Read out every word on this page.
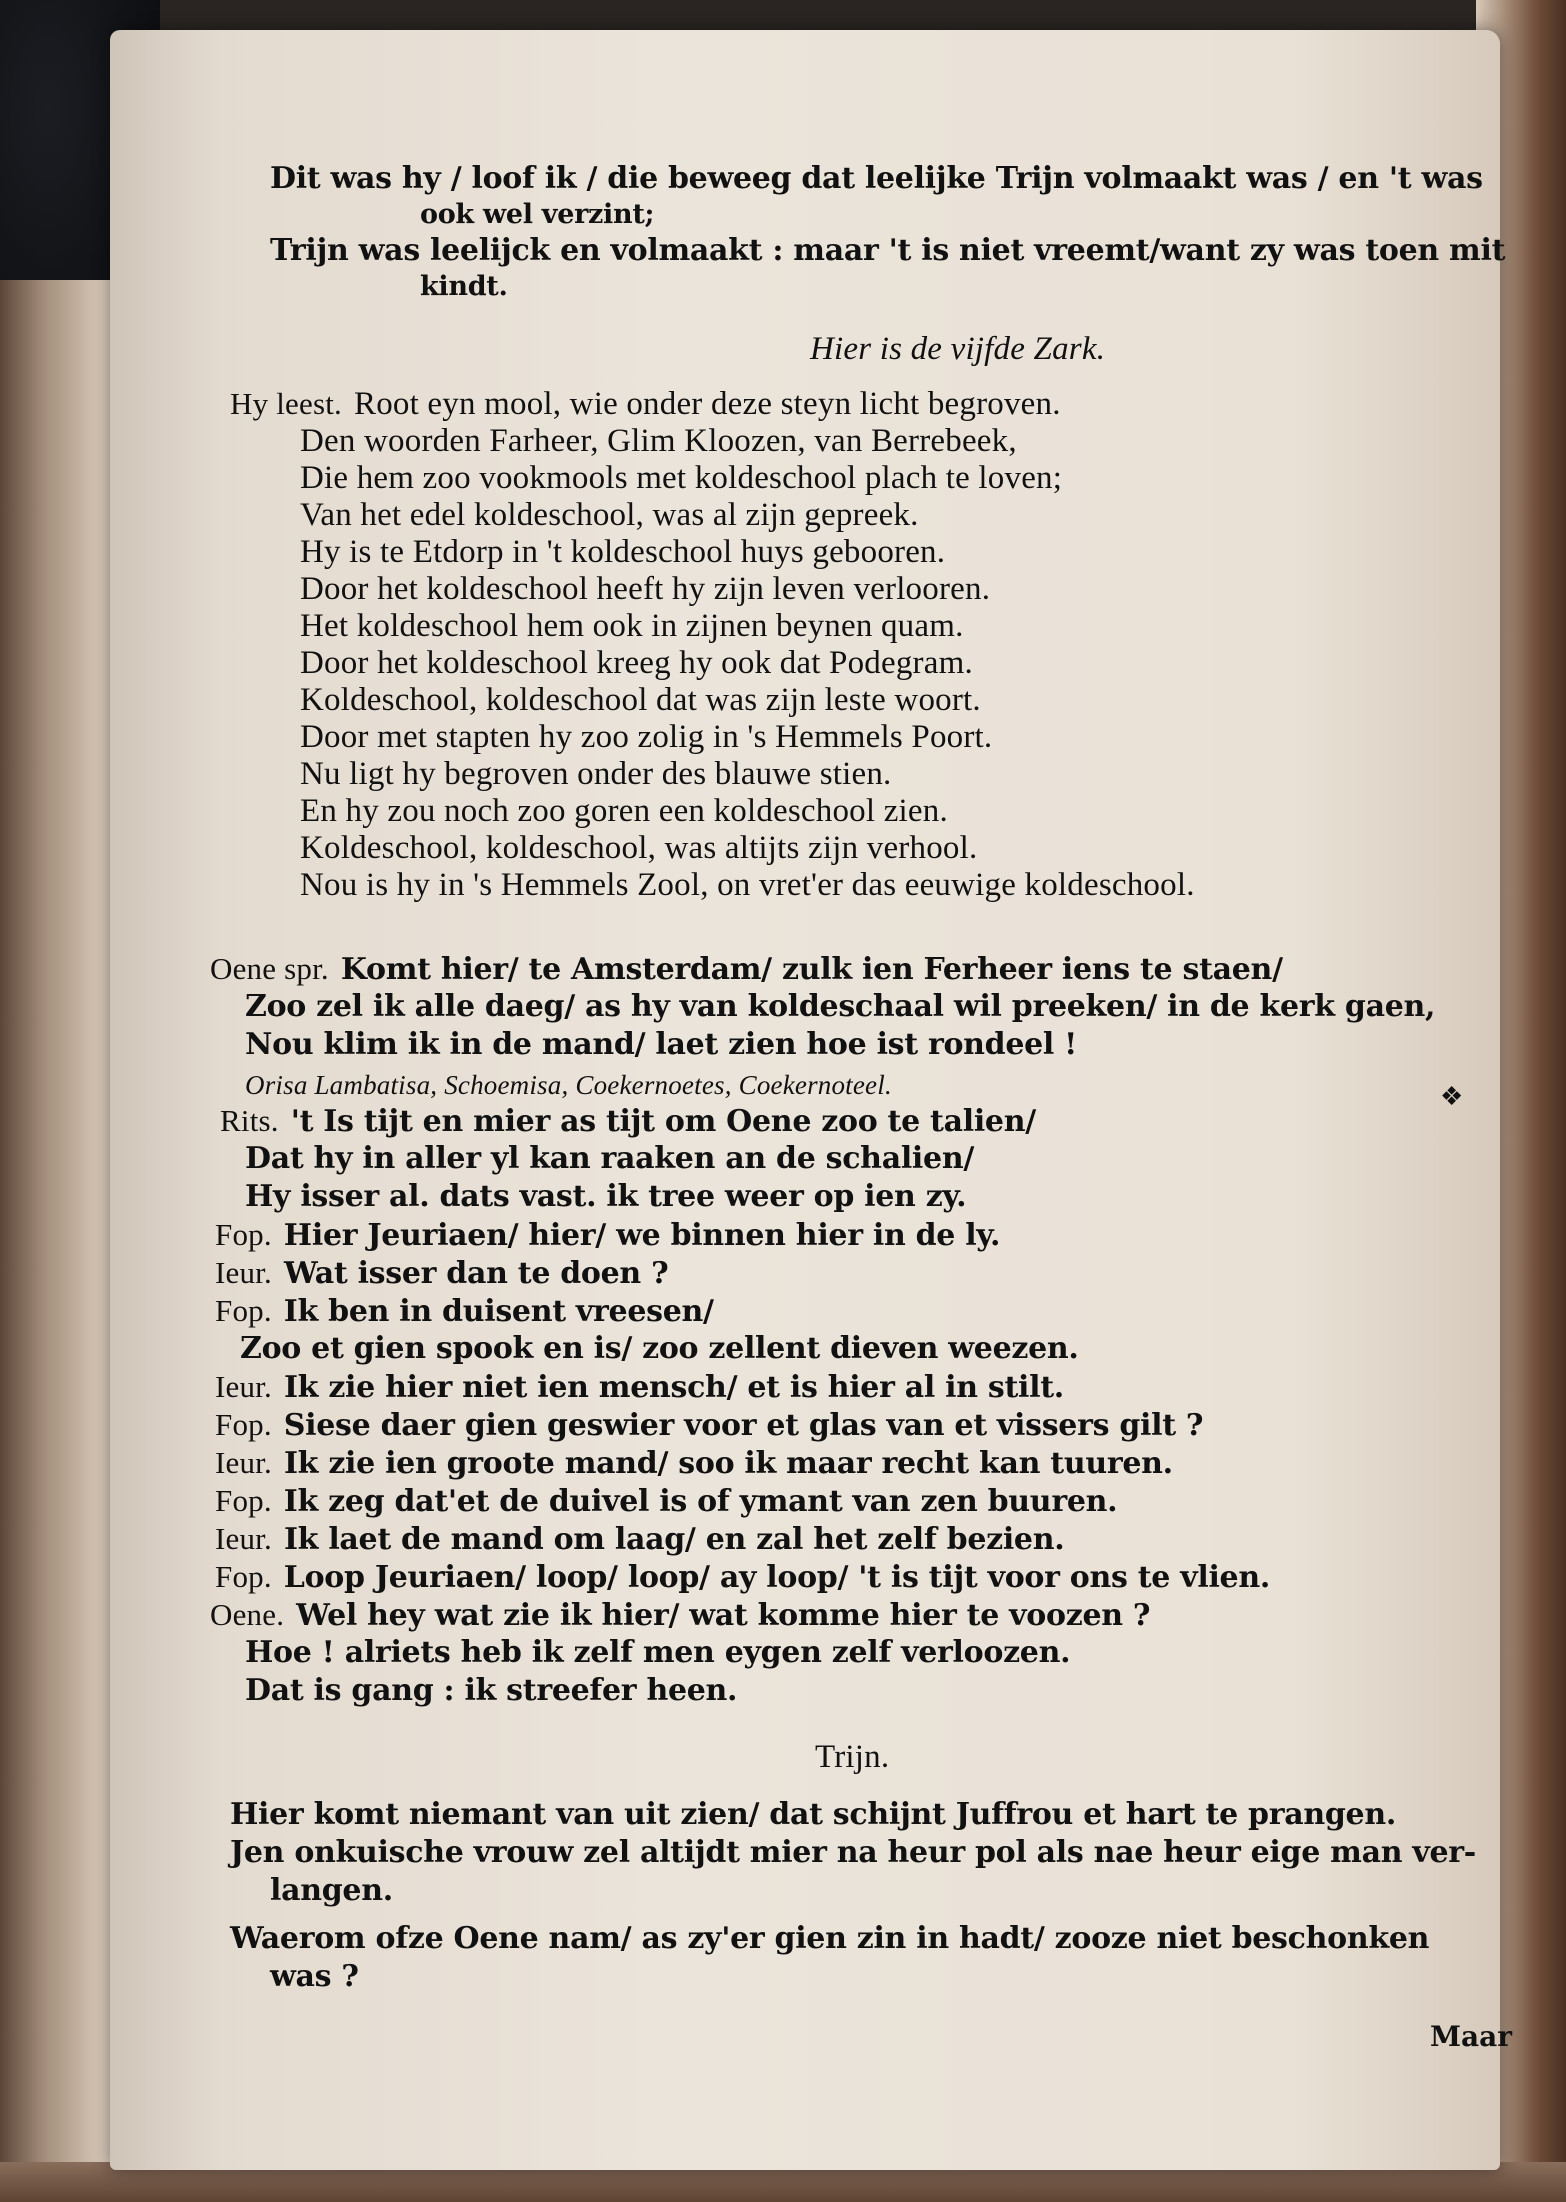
Dit was hy / loof ik / die beweeg dat leelijke Trijn volmaakt was / en 't was
ook wel verzint;
Trijn was leelijck en volmaakt : maar 't is niet vreemt/want zy was toen mit
kindt.
Hier is de vijfde Zark.
Hy leest. Root eyn mool, wie onder deze steyn licht begroven.
Den woorden Farheer, Glim Kloozen, van Berrebeek,
Die hem zoo vookmools met koldeschool plach te loven;
Van het edel koldeschool, was al zijn gepreek.
Hy is te Etdorp in 't koldeschool huys gebooren.
Door het koldeschool heeft hy zijn leven verlooren.
Het koldeschool hem ook in zijnen beynen quam.
Door het koldeschool kreeg hy ook dat Podegram.
Koldeschool, koldeschool dat was zijn leste woort.
Door met stapten hy zoo zolig in 's Hemmels Poort.
Nu ligt hy begroven onder des blauwe stien.
En hy zou noch zoo goren een koldeschool zien.
Koldeschool, koldeschool, was altijts zijn verhool.
Nou is hy in 's Hemmels Zool, on vret'er das eeuwige koldeschool.
Oene spr. Komt hier/ te Amsterdam/ zulk ien Ferheer iens te staen/
Zoo zel ik alle daeg/ as hy van koldeschaal wil preeken/ in de kerk gaen,
Nou klim ik in de mand/ laet zien hoe ist rondeel !
Orisa Lambatisa, Schoemisa, Coekernoetes, Coekernoteel.	❖
Rits. 't Is tijt en mier as tijt om Oene zoo te talien/
Dat hy in aller yl kan raaken an de schalien/
Hy isser al. dats vast. ik tree weer op ien zy.
Fop. Hier Jeuriaen/ hier/ we binnen hier in de ly.
Ieur. Wat isser dan te doen ?
Fop. Ik ben in duisent vreesen/
Zoo et gien spook en is/ zoo zellent dieven weezen.
Ieur. Ik zie hier niet ien mensch/ et is hier al in stilt.
Fop. Siese daer gien geswier voor et glas van et vissers gilt ?
Ieur. Ik zie ien groote mand/ soo ik maar recht kan tuuren.
Fop. Ik zeg dat'et de duivel is of ymant van zen buuren.
Ieur. Ik laet de mand om laag/ en zal het zelf bezien.
Fop. Loop Jeuriaen/ loop/ loop/ ay loop/ 't is tijt voor ons te vlien.
Oene. Wel hey wat zie ik hier/ wat komme hier te voozen ?
Hoe ! alriets heb ik zelf men eygen zelf verloozen.
Dat is gang : ik streefer heen.
Trijn.
Hier komt niemant van uit zien/ dat schijnt Juffrou et hart te prangen.
Jen onkuische vrouw zel altijdt mier na heur pol als nae heur eige man ver-
langen.
Waerom ofze Oene nam/ as zy'er gien zin in hadt/ zooze niet beschonken
was ?
Maar
